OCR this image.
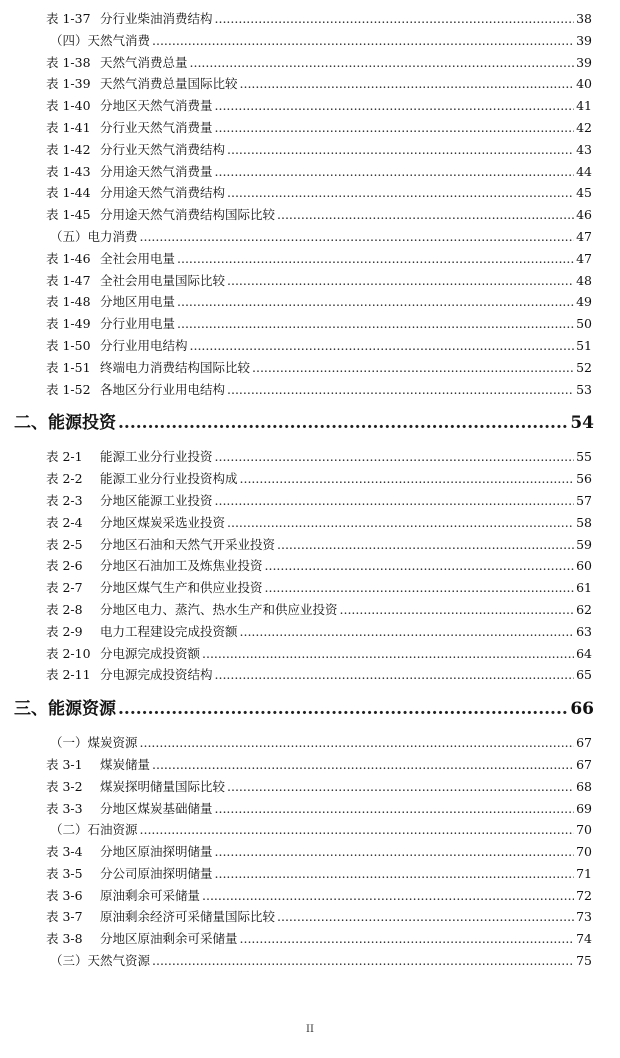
表 1-37 分行业柴油消费结构 .....	38
（四）天然气消费 .....	39
表 1-38 天然气消费总量 .....	39
表 1-39 天然气消费总量国际比较 .....	40
表 1-40 分地区天然气消费量 .....	41
表 1-41 分行业天然气消费量 .....	42
表 1-42 分行业天然气消费结构 .....	43
表 1-43 分用途天然气消费量 .....	44
表 1-44 分用途天然气消费结构 .....	45
表 1-45 分用途天然气消费结构国际比较 .....	46
（五）电力消费 .....	47
表 1-46 全社会用电量 .....	47
表 1-47 全社会用电量国际比较 .....	48
表 1-48 分地区用电量 .....	49
表 1-49 分行业用电量 .....	50
表 1-50 分行业用电结构 .....	51
表 1-51 终端电力消费结构国际比较 .....	52
表 1-52 各地区分行业用电结构 .....	53
二、能源投资 .....	54
表 2-1	能源工业分行业投资 .....	55
表 2-2	能源工业分行业投资构成 .....	56
表 2-3	分地区能源工业投资 .....	57
表 2-4	分地区煤炭采选业投资 .....	58
表 2-5	分地区石油和天然气开采业投资 .....	59
表 2-6	分地区石油加工及炼焦业投资 .....	60
表 2-7	分地区煤气生产和供应业投资 .....	61
表 2-8	分地区电力、蒸汽、热水生产和供应业投资 .....	62
表 2-9	电力工程建设完成投资额 .....	63
表 2-10 分电源完成投资额 .....	64
表 2-11 分电源完成投资结构 .....	65
三、能源资源 .....	66
（一）煤炭资源 .....	67
表 3-1	煤炭储量 .....	67
表 3-2	煤炭探明储量国际比较 .....	68
表 3-3	分地区煤炭基础储量 .....	69
（二）石油资源 .....	70
表 3-4	分地区原油探明储量 .....	70
表 3-5	分公司原油探明储量 .....	71
表 3-6	原油剩余可采储量 .....	72
表 3-7	原油剩余经济可采储量国际比较 .....	73
表 3-8	分地区原油剩余可采储量 .....	74
（三）天然气资源 .....	75
II
